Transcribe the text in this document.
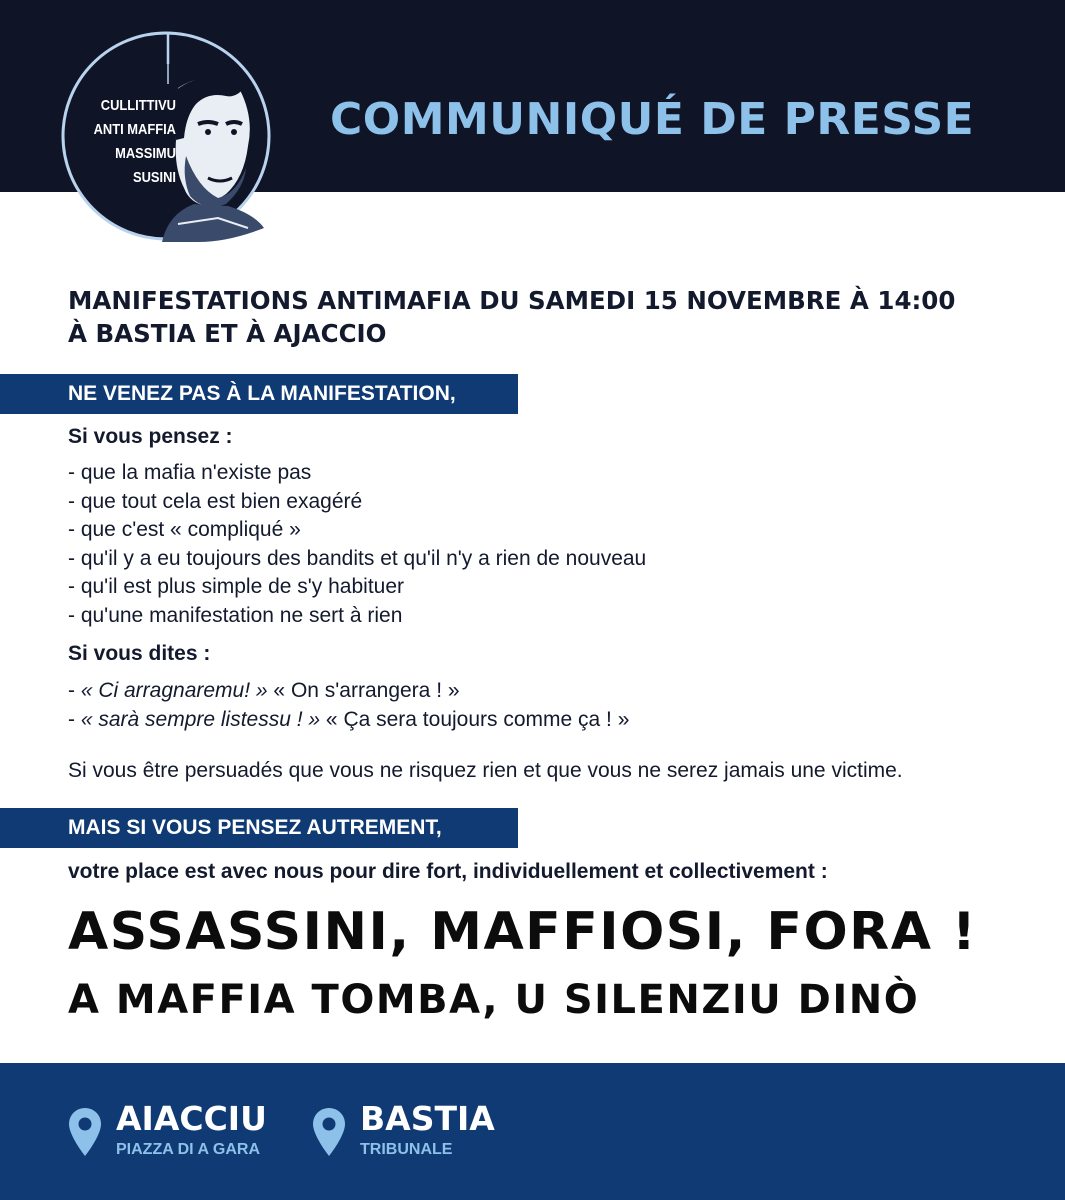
COMMUNIQUÉ DE PRESSE
CULLITTIVU
ANTI MAFFIA
MASSIMU
SUSINI
MANIFESTATIONS ANTIMAFIA DU SAMEDI 15 NOVEMBRE À 14:00
À BASTIA ET À AJACCIO
NE VENEZ PAS À LA MANIFESTATION,
Si vous pensez :
- que la mafia n'existe pas
- que tout cela est bien exagéré
- que c'est « compliqué »
- qu'il y a eu toujours des bandits et qu'il n'y a rien de nouveau
- qu'il est plus simple de s'y habituer
- qu'une manifestation ne sert à rien
Si vous dites :
- « Ci arragnaremu! » « On s'arrangera ! »
- « sarà sempre listessu ! » « Ça sera toujours comme ça ! »
Si vous être persuadés que vous ne risquez rien et que vous ne serez jamais une victime.
MAIS SI VOUS PENSEZ AUTREMENT,
votre place est avec nous pour dire fort, individuellement et collectivement :
ASSASSINI, MAFFIOSI, FORA !
A MAFFIA TOMBA, U SILENZIU DINÒ
AIACCIU
PIAZZA DI A GARA
BASTIA
TRIBUNALE
